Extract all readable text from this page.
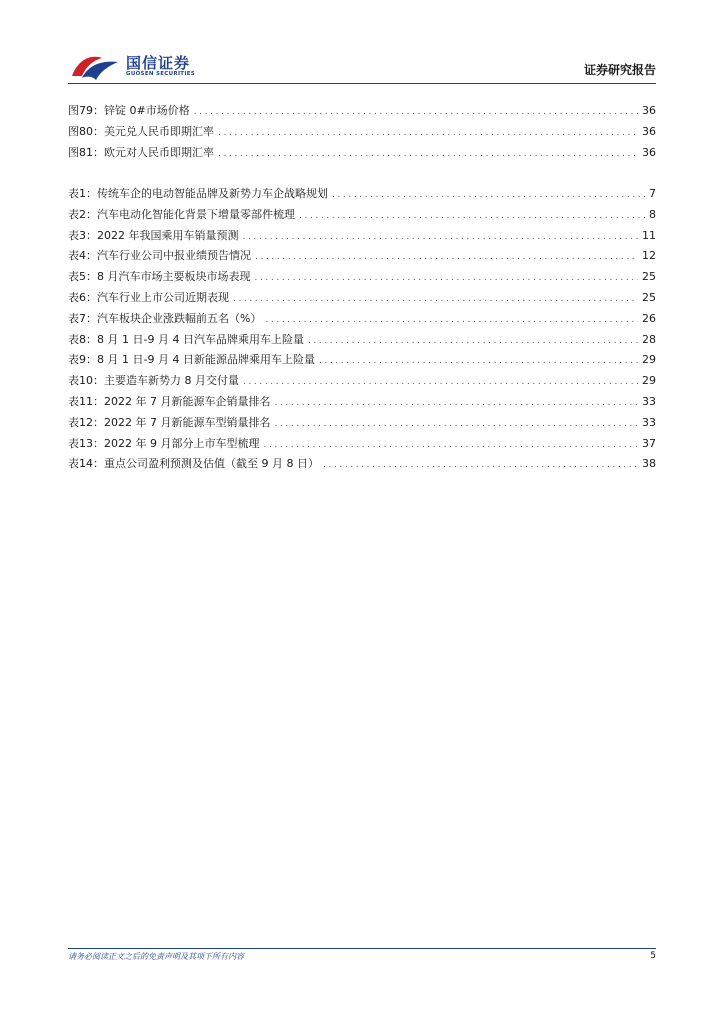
国信证券
GUOSEN SECURITIES	证券研究报告
图79： 锌锭 0#市场价格 .....	36
图80： 美元兑人民币即期汇率 .....	36
图81： 欧元对人民币即期汇率 .....	36
表1： 传统车企的电动智能品牌及新势力车企战略规划 .....	7
表2： 汽车电动化智能化背景下增量零部件梳理 .....	8
表3： 2022 年我国乘用车销量预测 .....	11
表4： 汽车行业公司中报业绩预告情况 .....	12
表5： 8 月汽车市场主要板块市场表现 .....	25
表6： 汽车行业上市公司近期表现 .....	25
表7： 汽车板块企业涨跌幅前五名（%） .....	26
表8： 8 月 1 日-9 月 4 日汽车品牌乘用车上险量 .....	28
表9： 8 月 1 日-9 月 4 日新能源品牌乘用车上险量 .....	29
表10： 主要造车新势力 8 月交付量 .....	29
表11： 2022 年 7 月新能源车企销量排名 .....	33
表12： 2022 年 7 月新能源车型销量排名 .....	33
表13： 2022 年 9 月部分上市车型梳理 .....	37
表14： 重点公司盈利预测及估值（截至 9 月 8 日） .....	38
请务必阅读正文之后的免责声明及其项下所有内容	5
